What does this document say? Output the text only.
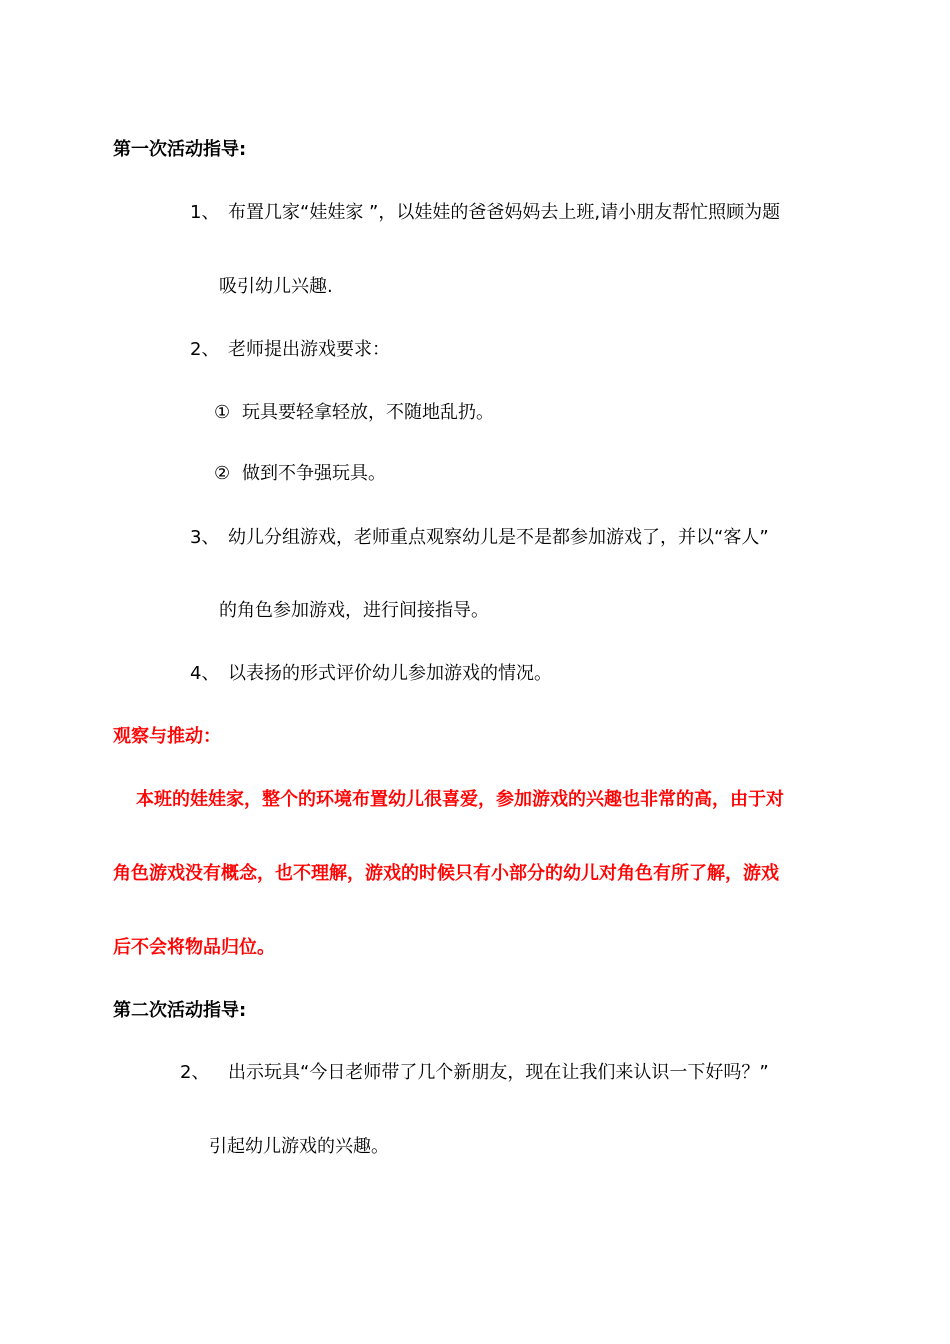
第一次活动指导:
1、 布置几家“娃娃家 ”，以娃娃的爸爸妈妈去上班,请小朋友帮忙照顾为题
吸引幼儿兴趣.
2、 老师提出游戏要求：
① 玩具要轻拿轻放，不随地乱扔。
② 做到不争强玩具。
3、 幼儿分组游戏，老师重点观察幼儿是不是都参加游戏了，并以“客人”
的角色参加游戏，进行间接指导。
4、 以表扬的形式评价幼儿参加游戏的情况。
观察与推动：
本班的娃娃家，整个的环境布置幼儿很喜爱，参加游戏的兴趣也非常的高，由于对
角色游戏没有概念，也不理解，游戏的时候只有小部分的幼儿对角色有所了解，游戏
后不会将物品归位。
第二次活动指导:
2、 出示玩具“今日老师带了几个新朋友，现在让我们来认识一下好吗？”
引起幼儿游戏的兴趣。
